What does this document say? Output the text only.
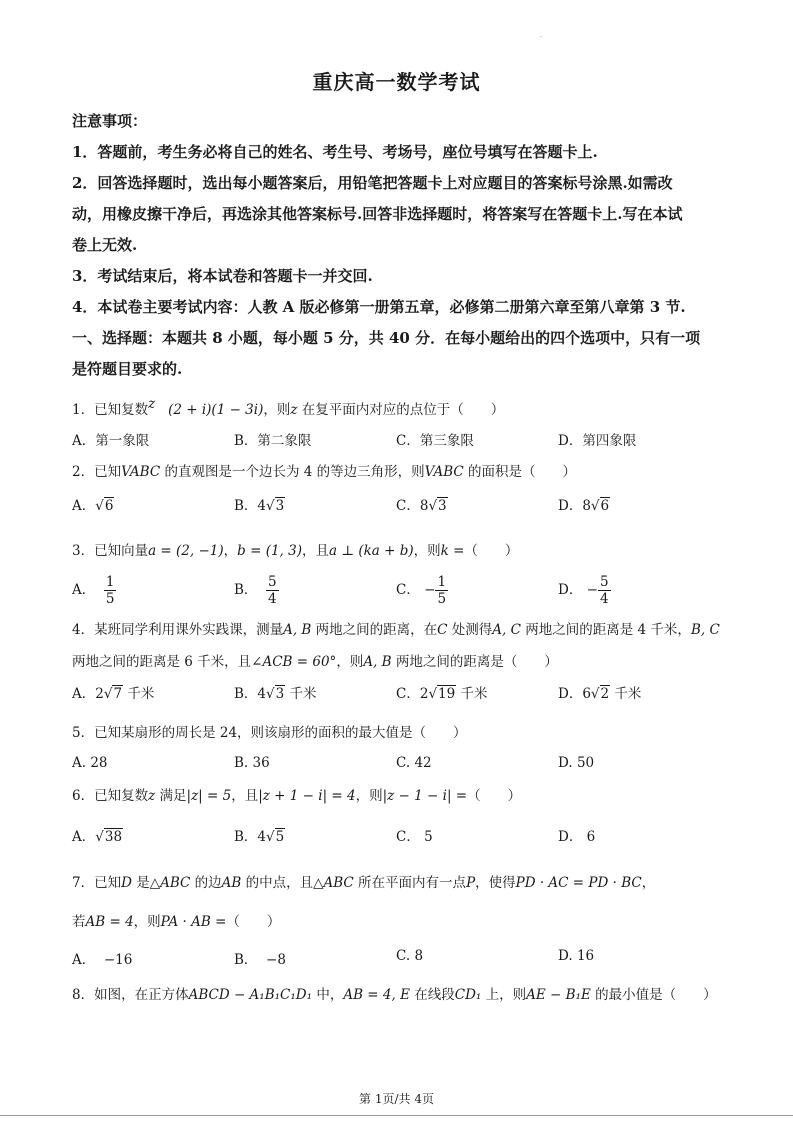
.
重庆高一数学考试
注意事项：
1．答题前，考生务必将自己的姓名、考生号、考场号，座位号填写在答题卡上.
2．回答选择题时，选出每小题答案后，用铅笔把答题卡上对应题目的答案标号涂黑.如需改
动，用橡皮擦干净后，再选涂其他答案标号.回答非选择题时，将答案写在答题卡上.写在本试
卷上无效.
3．考试结束后，将本试卷和答题卡一并交回.
4．本试卷主要考试内容：人教 A 版必修第一册第五章，必修第二册第六章至第八章第 3 节.
一、选择题：本题共 8 小题，每小题 5 分，共 40 分．在每小题给出的四个选项中，只有一项
是符题目要求的.
1．已知复数z (2 + i)(1 − 3i)，则z 在复平面内对应的点位于（　　）
A．第一象限	B．第二象限	C．第三象限	D．第四象限
2．已知VABC 的直观图是一个边长为 4 的等边三角形，则VABC 的面积是（　　）
A．√6	B．4√3	C．8√3	D．8√6
3．已知向量a = (2, −1)，b = (1, 3)，且a ⊥ (ka + b)，则k =（　　）
A． $\frac{1}{5}$	B． $\frac{5}{4}$	C． − $\frac{1}{5}$	D． − $\frac{5}{4}$
4．某班同学利用课外实践课，测量A, B 两地之间的距离，在C 处测得A, C 两地之间的距离是 4 千米，B, C
两地之间的距离是 6 千米，且∠ACB = 60°，则A, B 两地之间的距离是（　　）
A．2√7 千米	B．4√3 千米	C．2√19 千米	D．6√2 千米
5．已知某扇形的周长是 24，则该扇形的面积的最大值是（　　）
A. 28	B. 36	C. 42	D. 50
6．已知复数z 满足|z| = 5，且|z + 1 − i| = 4，则|z − 1 − i| =（　　）
A．√38	B．4√5	C． 5	D． 6
7．已知D 是△ABC 的边AB 的中点，且△ABC 所在平面内有一点P，使得PD · AC = PD · BC，
若AB = 4，则PA · AB =（　　）
A． −16	B． −8	C. 8	D. 16
8．如图，在正方体ABCD − A₁B₁C₁D₁ 中，AB = 4, E 在线段CD₁ 上，则AE − B₁E 的最小值是（　　）
第 1页/共 4页
